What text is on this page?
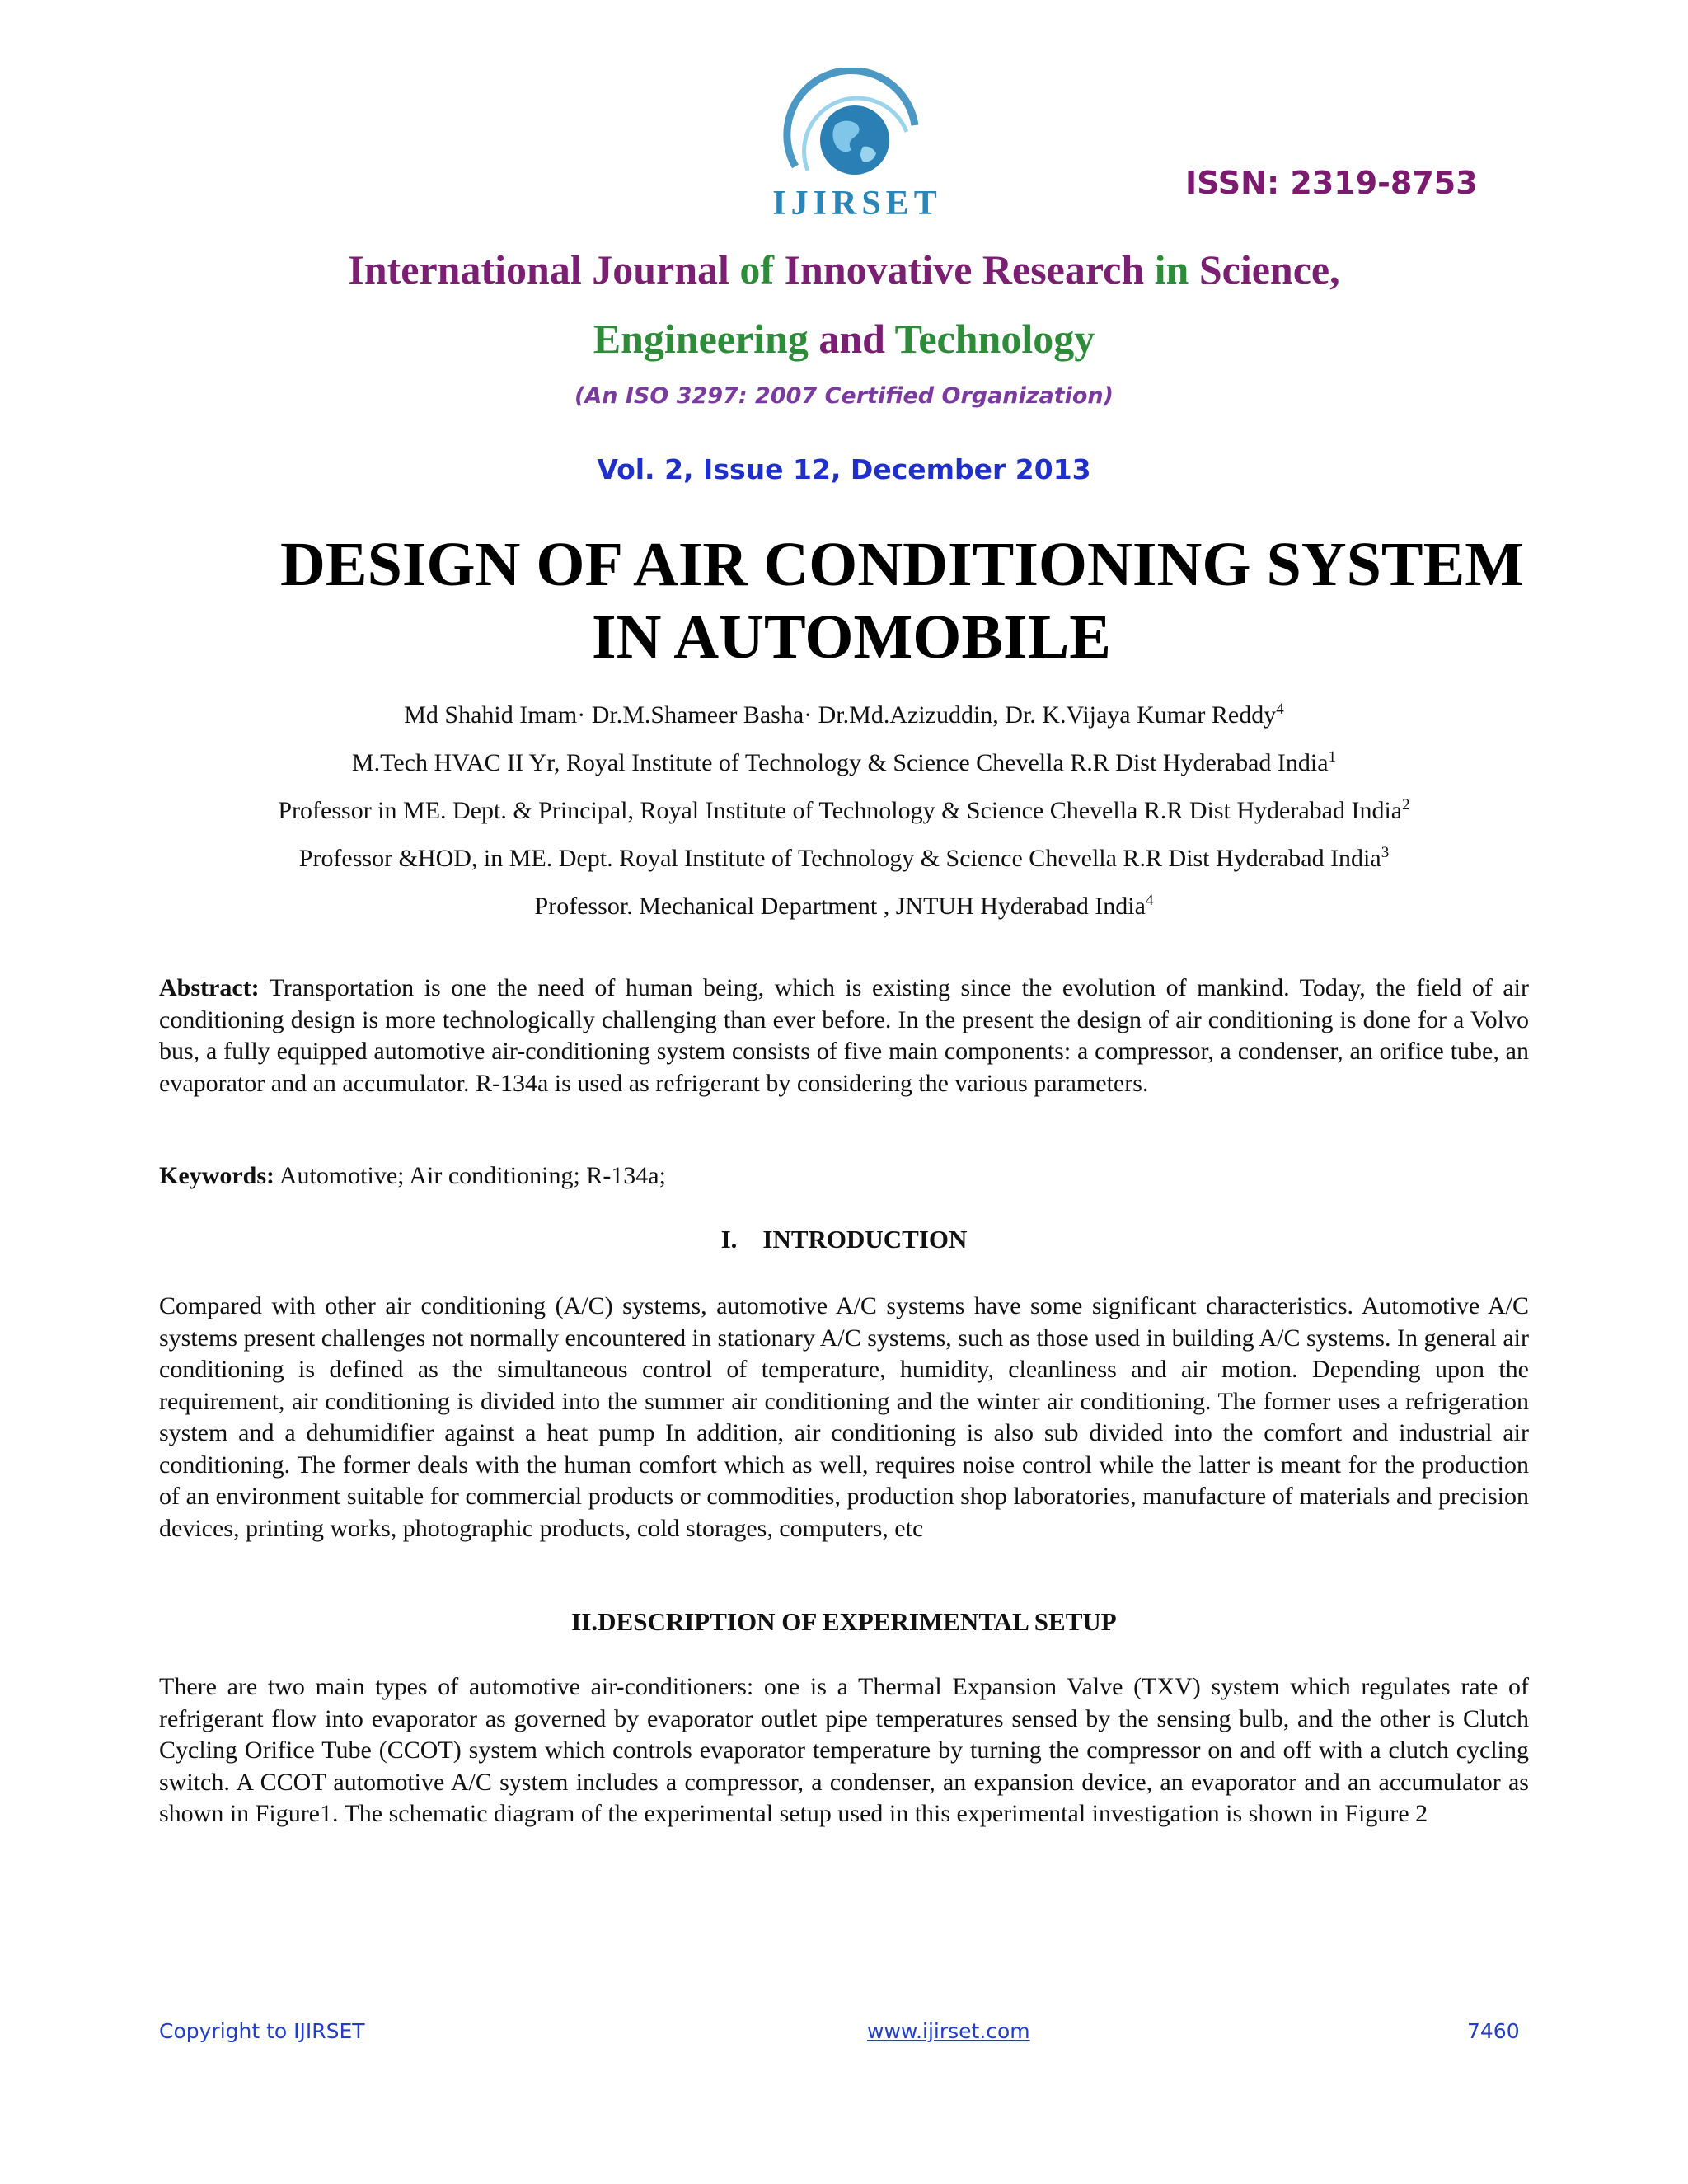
IJIRSET
ISSN: 2319-8753
International Journal of Innovative Research in Science,
Engineering and Technology
(An ISO 3297: 2007 Certified Organization)
Vol. 2, Issue 12, December 2013
DESIGN OF AIR CONDITIONING SYSTEM
IN AUTOMOBILE
Md Shahid Imam· Dr.M.Shameer Basha· Dr.Md.Azizuddin, Dr. K.Vijaya Kumar Reddy$^4$
M.Tech HVAC II Yr, Royal Institute of Technology & Science Chevella R.R Dist Hyderabad India$^1$
Professor in ME. Dept. & Principal, Royal Institute of Technology & Science Chevella R.R Dist Hyderabad India$^2$
Professor &HOD, in ME. Dept. Royal Institute of Technology & Science Chevella R.R Dist Hyderabad India$^3$
Professor. Mechanical Department , JNTUH Hyderabad India$^4$
Abstract: Transportation is one the need of human being, which is existing since the evolution of mankind. Today, the field of air conditioning design is more technologically challenging than ever before. In the present the design of air conditioning is done for a Volvo bus, a fully equipped automotive air-conditioning system consists of five main components: a compressor, a condenser, an orifice tube, an evaporator and an accumulator. R-134a is used as refrigerant by considering the various parameters.
Keywords: Automotive; Air conditioning; R-134a;
I.    INTRODUCTION
Compared with other air conditioning (A/C) systems, automotive A/C systems have some significant characteristics. Automotive A/C systems present challenges not normally encountered in stationary A/C systems, such as those used in building A/C systems. In general air conditioning is defined as the simultaneous control of temperature, humidity, cleanliness and air motion. Depending upon the requirement, air conditioning is divided into the summer air conditioning and the winter air conditioning. The former uses a refrigeration system and a dehumidifier against a heat pump In addition, air conditioning is also sub divided into the comfort and industrial air conditioning. The former deals with the human comfort which as well, requires noise control while the latter is meant for the production of an environment suitable for commercial products or commodities, production shop laboratories, manufacture of materials and precision devices, printing works, photographic products, cold storages, computers, etc
II.DESCRIPTION OF EXPERIMENTAL SETUP
There are two main types of automotive air-conditioners: one is a Thermal Expansion Valve (TXV) system which regulates rate of refrigerant flow into evaporator as governed by evaporator outlet pipe temperatures sensed by the sensing bulb, and the other is Clutch Cycling Orifice Tube (CCOT) system which controls evaporator temperature by turning the compressor on and off with a clutch cycling switch. A CCOT automotive A/C system includes a compressor, a condenser, an expansion device, an evaporator and an accumulator as shown in Figure1. The schematic diagram of the experimental setup used in this experimental investigation is shown in Figure 2
Copyright to IJIRSET	www.ijirset.com	7460
